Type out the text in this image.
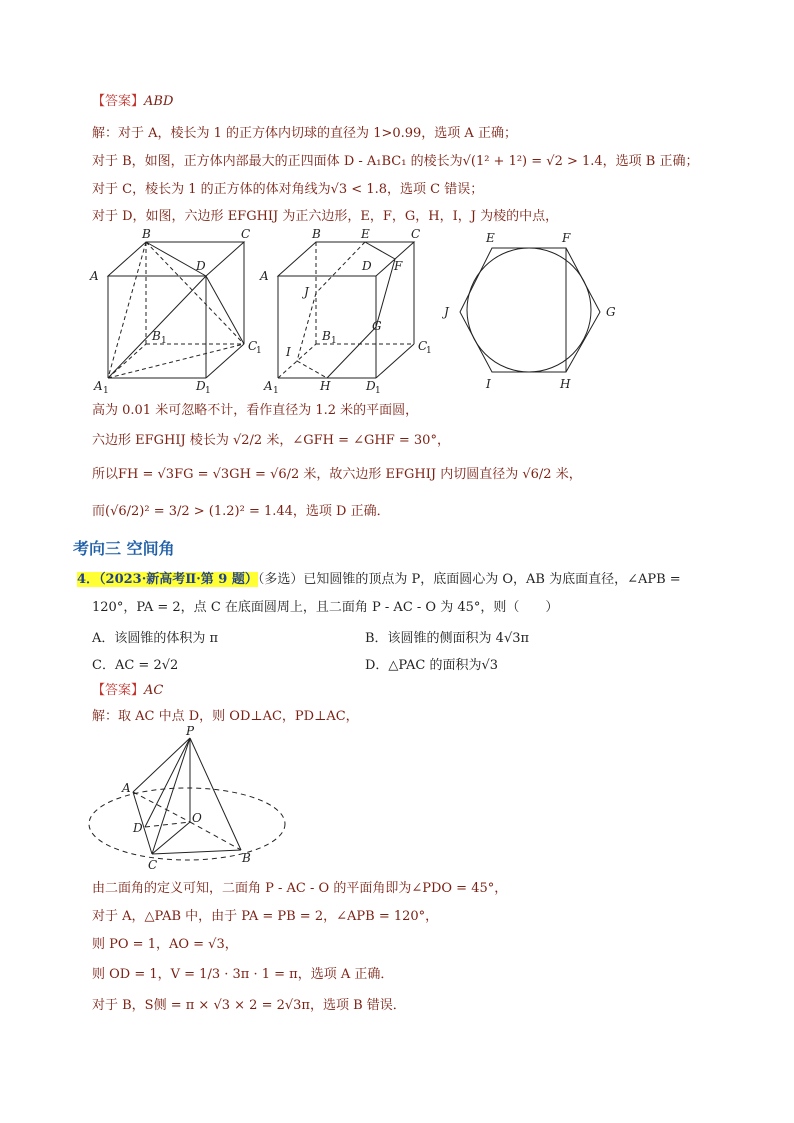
【答案】ABD
解：对于 A，棱长为 1 的正方体内切球的直径为 1>0.99，选项 A 正确；
对于 B，如图，正方体内部最大的正四面体 D - A₁BC₁ 的棱长为√(1² + 1²) = √2 > 1.4，选项 B 正确；
对于 C，棱长为 1 的正方体的体对角线为√3 < 1.8，选项 C 错误；
对于 D，如图，六边形 EFGHIJ 为正六边形，E，F，G，H，I，J 为棱的中点，
B	C
A
D
B 1	C
1
A 1	D 1
B	E	C
A
D F
J
G
B 1	C
1
I
A 1	H	D 1
E	F
J	G
I	H
高为 0.01 米可忽略不计，看作直径为 1.2 米的平面圆，
六边形 EFGHIJ 棱长为 √2/2 米，∠GFH = ∠GHF = 30°，
所以FH = √3FG = √3GH = √6/2 米，故六边形 EFGHIJ 内切圆直径为 √6/2 米，
而(√6/2)² = 3/2 > (1.2)² = 1.44，选项 D 正确．
考向三 空间角
4．（2023·新高考Ⅱ·第 9 题）（多选）已知圆锥的顶点为 P，底面圆心为 O，AB 为底面直径，∠APB =
120°，PA = 2，点 C 在底面圆周上，且二面角 P - AC - O 为 45°，则（　　）
A．该圆锥的体积为 π	B．该圆锥的侧面积为 4√3π
C．AC = 2√2	D．△PAC 的面积为√3
【答案】AC
解：取 AC 中点 D，则 OD⊥AC，PD⊥AC，
P
A
D
O
C	B
由二面角的定义可知，二面角 P - AC - O 的平面角即为∠PDO = 45°，
对于 A，△PAB 中，由于 PA = PB = 2，∠APB = 120°，
则 PO = 1，AO = √3，
则 OD = 1，V = 1/3 · 3π · 1 = π，选项 A 正确．
对于 B，S侧 = π × √3 × 2 = 2√3π，选项 B 错误．
